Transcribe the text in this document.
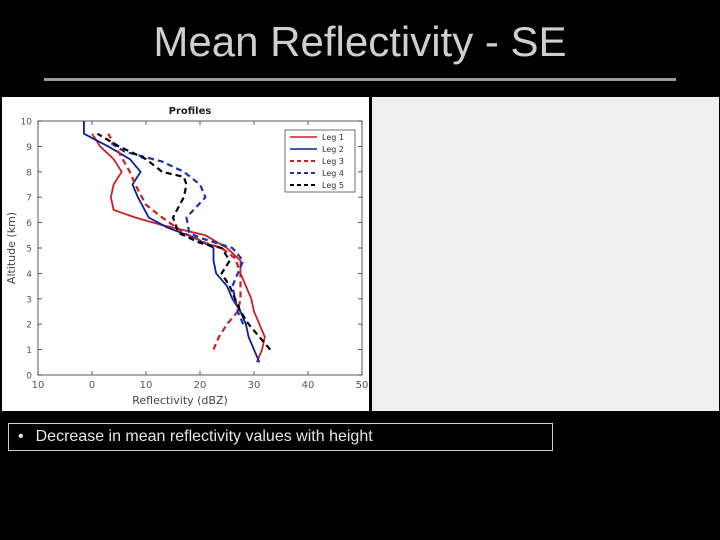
Mean Reflectivity - SE
10	0	10	20	30	40	50
0
1
2
3
4
5
6
7
8
9
10
Profiles
Reflectivity (dBZ)
Altitude (km)
Leg 1
Leg 2
Leg 3
Leg 4
Leg 5
• Decrease in mean reflectivity values with height
